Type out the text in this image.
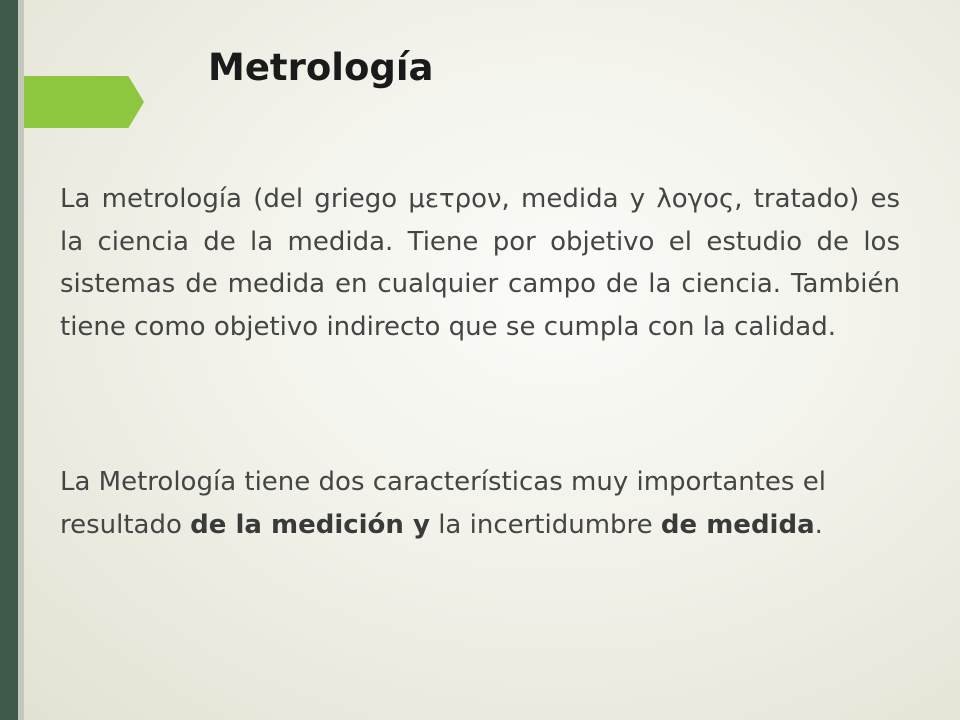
Metrología

La metrología (del griego μετρον, medida y λογος, tratado) es la ciencia de la medida. Tiene por objetivo el estudio de los sistemas de medida en cualquier campo de la ciencia. También tiene como objetivo indirecto que se cumpla con la calidad.

La Metrología tiene dos características muy importantes el resultado de la medición y la incertidumbre de medida.
